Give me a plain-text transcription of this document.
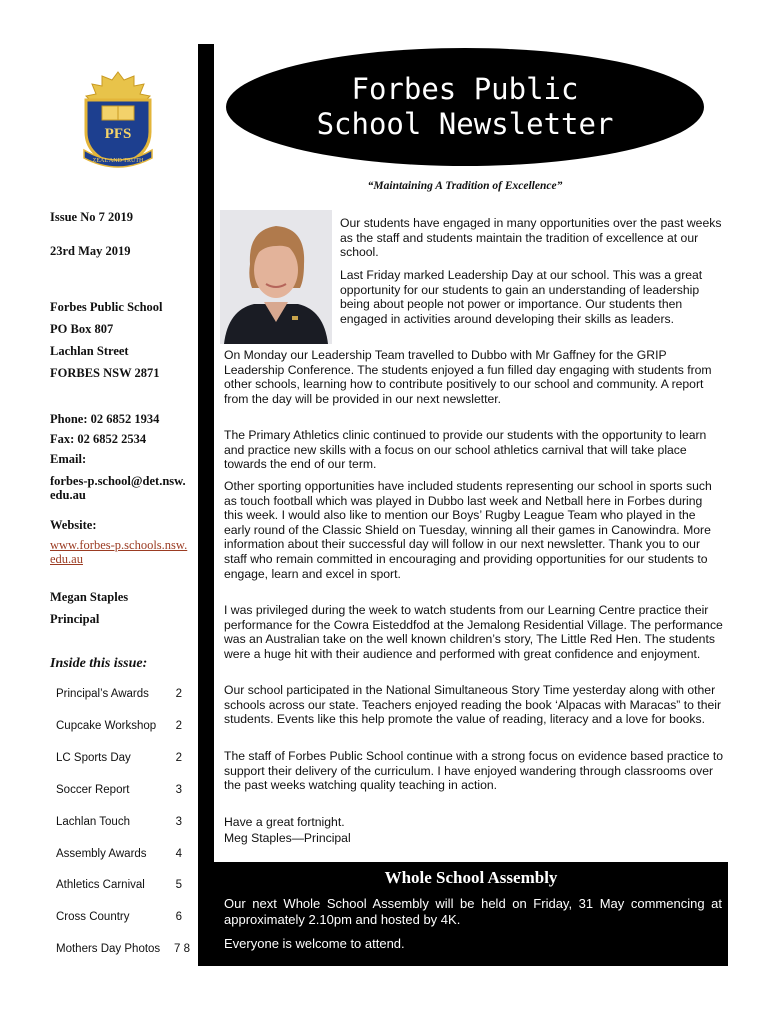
PFS
ZEAL AND TRUTH
Forbes Public
School Newsletter
“Maintaining A Tradition of Excellence”
Issue No 7 2019
23rd May 2019
Forbes Public School
PO Box 807
Lachlan Street
FORBES NSW 2871
Phone: 02 6852 1934
Fax: 02 6852 2534
Email:
forbes-p.school@det.nsw.edu.au
Website:
www.forbes-p.schools.nsw.edu.au
Megan Staples
Principal
Inside this issue:
Principal’s Awards 2
Cupcake Workshop 2
LC Sports Day	2
Soccer Report	3
Lachlan Touch	3
Assembly Awards	4
Athletics Carnival	5
Cross Country	6
Mothers Day Photos 7 8

Our students have engaged in many opportunities over the past weeks as the staff and students maintain the tradition of excellence at our school.

Last Friday marked Leadership Day at our school. This was a great opportunity for our students to gain an understanding of leadership being about people not power or importance. Our students then engaged in activities around developing their skills as leaders.

On Monday our Leadership Team travelled to Dubbo with Mr Gaffney for the GRIP Leadership Conference. The students enjoyed a fun filled day engaging with students from other schools, learning how to contribute positively to our school and community. A report from the day will be provided in our next newsletter.

The Primary Athletics clinic continued to provide our students with the opportunity to learn and practice new skills with a focus on our school athletics carnival that will take place towards the end of our term.

Other sporting opportunities have included students representing our school in sports such as touch football which was played in Dubbo last week and Netball here in Forbes during this week. I would also like to mention our Boys’ Rugby League Team who played in the early round of the Classic Shield on Tuesday, winning all their games in Canowindra. More information about their successful day will follow in our next newsletter. Thank you to our staff who remain committed in encouraging and providing opportunities for our students to engage, learn and excel in sport.

I was privileged during the week to watch students from our Learning Centre practice their performance for the Cowra Eisteddfod at the Jemalong Residential Village. The performance was an Australian take on the well known children’s story, The Little Red Hen. The students were a huge hit with their audience and performed with great confidence and enjoyment.

Our school participated in the National Simultaneous Story Time yesterday along with other schools across our state. Teachers enjoyed reading the book ‘Alpacas with Maracas” to their students. Events like this help promote the value of reading, literacy and a love for books.

The staff of Forbes Public School continue with a strong focus on evidence based practice to support their delivery of the curriculum. I have enjoyed wandering through classrooms over the past weeks watching quality teaching in action.

Have a great fortnight.

Meg Staples—Principal

Whole School Assembly
Our next Whole School Assembly will be held on Friday, 31 May commencing at approximately 2.10pm and hosted by 4K.
Everyone is welcome to attend.
